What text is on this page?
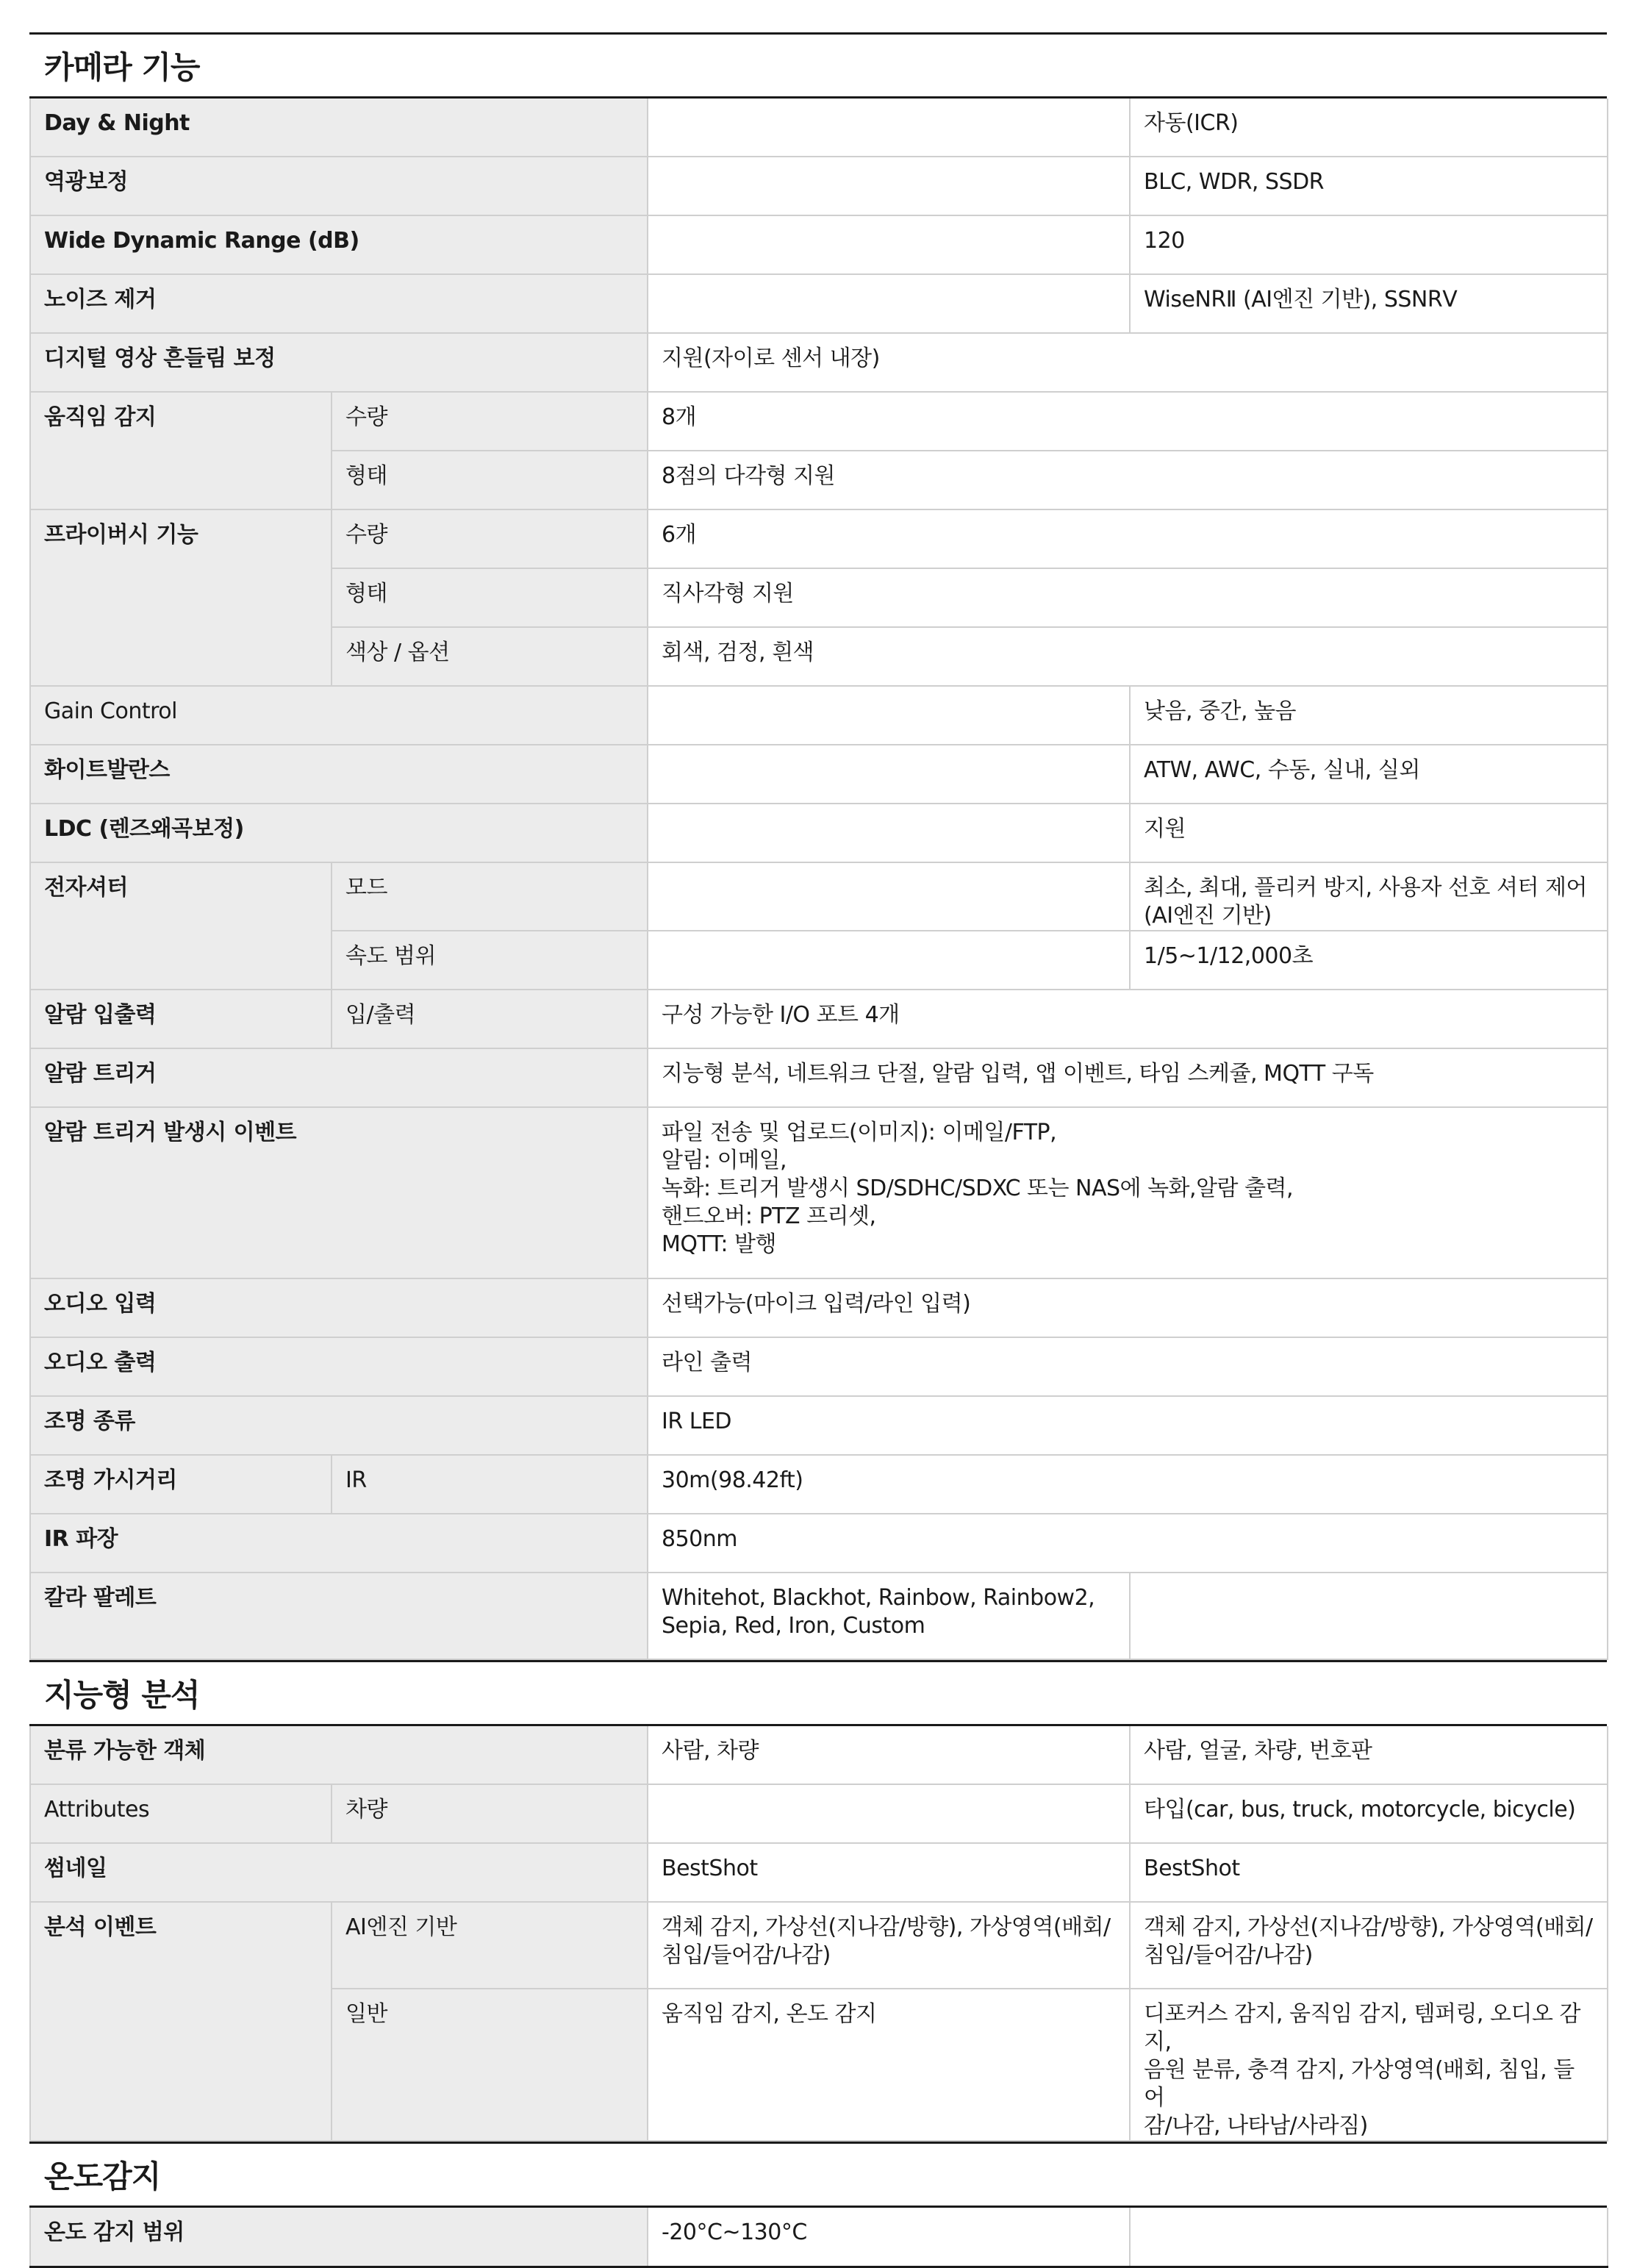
카메라 기능
Day & Night			자동(ICR)
역광보정			BLC, WDR, SSDR
Wide Dynamic Range (dB)			120
노이즈 제거			WiseNRⅡ (AI엔진 기반), SSNRⅤ
디지털 영상 흔들림 보정		지원(자이로 센서 내장)	
움직임 감지	수량	8개	
	형태	8점의 다각형 지원	
프라이버시 기능	수량	6개	
	형태	직사각형 지원	
	색상 / 옵션	회색, 검정, 흰색	
Gain Control			낮음, 중간, 높음
화이트발란스			ATW, AWC, 수동, 실내, 실외
LDC (렌즈왜곡보정)			지원
전자셔터	모드		최소, 최대, 플리커 방지, 사용자 선호 셔터 제어
(AI엔진 기반)

	속도 범위		1/5~1/12,000초
알람 입출력	입/출력	구성 가능한 I/O 포트 4개	
알람 트리거		지능형 분석, 네트워크 단절, 알람 입력, 앱 이벤트, 타임 스케쥴, MQTT 구독	
알람 트리거 발생시 이벤트		파일 전송 및 업로드(이미지): 이메일/FTP,
알림: 이메일,
녹화: 트리거 발생시 SD/SDHC/SDXC 또는 NAS에 녹화,알람 출력,
핸드오버: PTZ 프리셋,
MQTT: 발행	

오디오 입력		선택가능(마이크 입력/라인 입력)	
오디오 출력		라인 출력	
조명 종류		IR LED	
조명 가시거리	IR	30m(98.42ft)	
IR 파장		850nm	
칼라 팔레트		Whitehot, Blackhot, Rainbow, Rainbow2,
Sepia, Red, Iron, Custom	

지능형 분석
분류 가능한 객체		사람, 차량	사람, 얼굴, 차량, 번호판
Attributes	차량		타입(car, bus, truck, motorcycle, bicycle)
썸네일		BestShot	BestShot
분석 이벤트	AI엔진 기반	객체 감지, 가상선(지나감/방향), 가상영역(배회/
침입/들어감/나감)	객체 감지, 가상선(지나감/방향), 가상영역(배회/
침입/들어감/나감)

	일반	움직임 감지, 온도 감지	디포커스 감지, 움직임 감지, 템퍼링, 오디오 감지,
음원 분류, 충격 감지, 가상영역(배회, 침입, 들어
감/나감, 나타남/사라짐)
온도감지
온도 감지 범위	-20°C~130°C	
